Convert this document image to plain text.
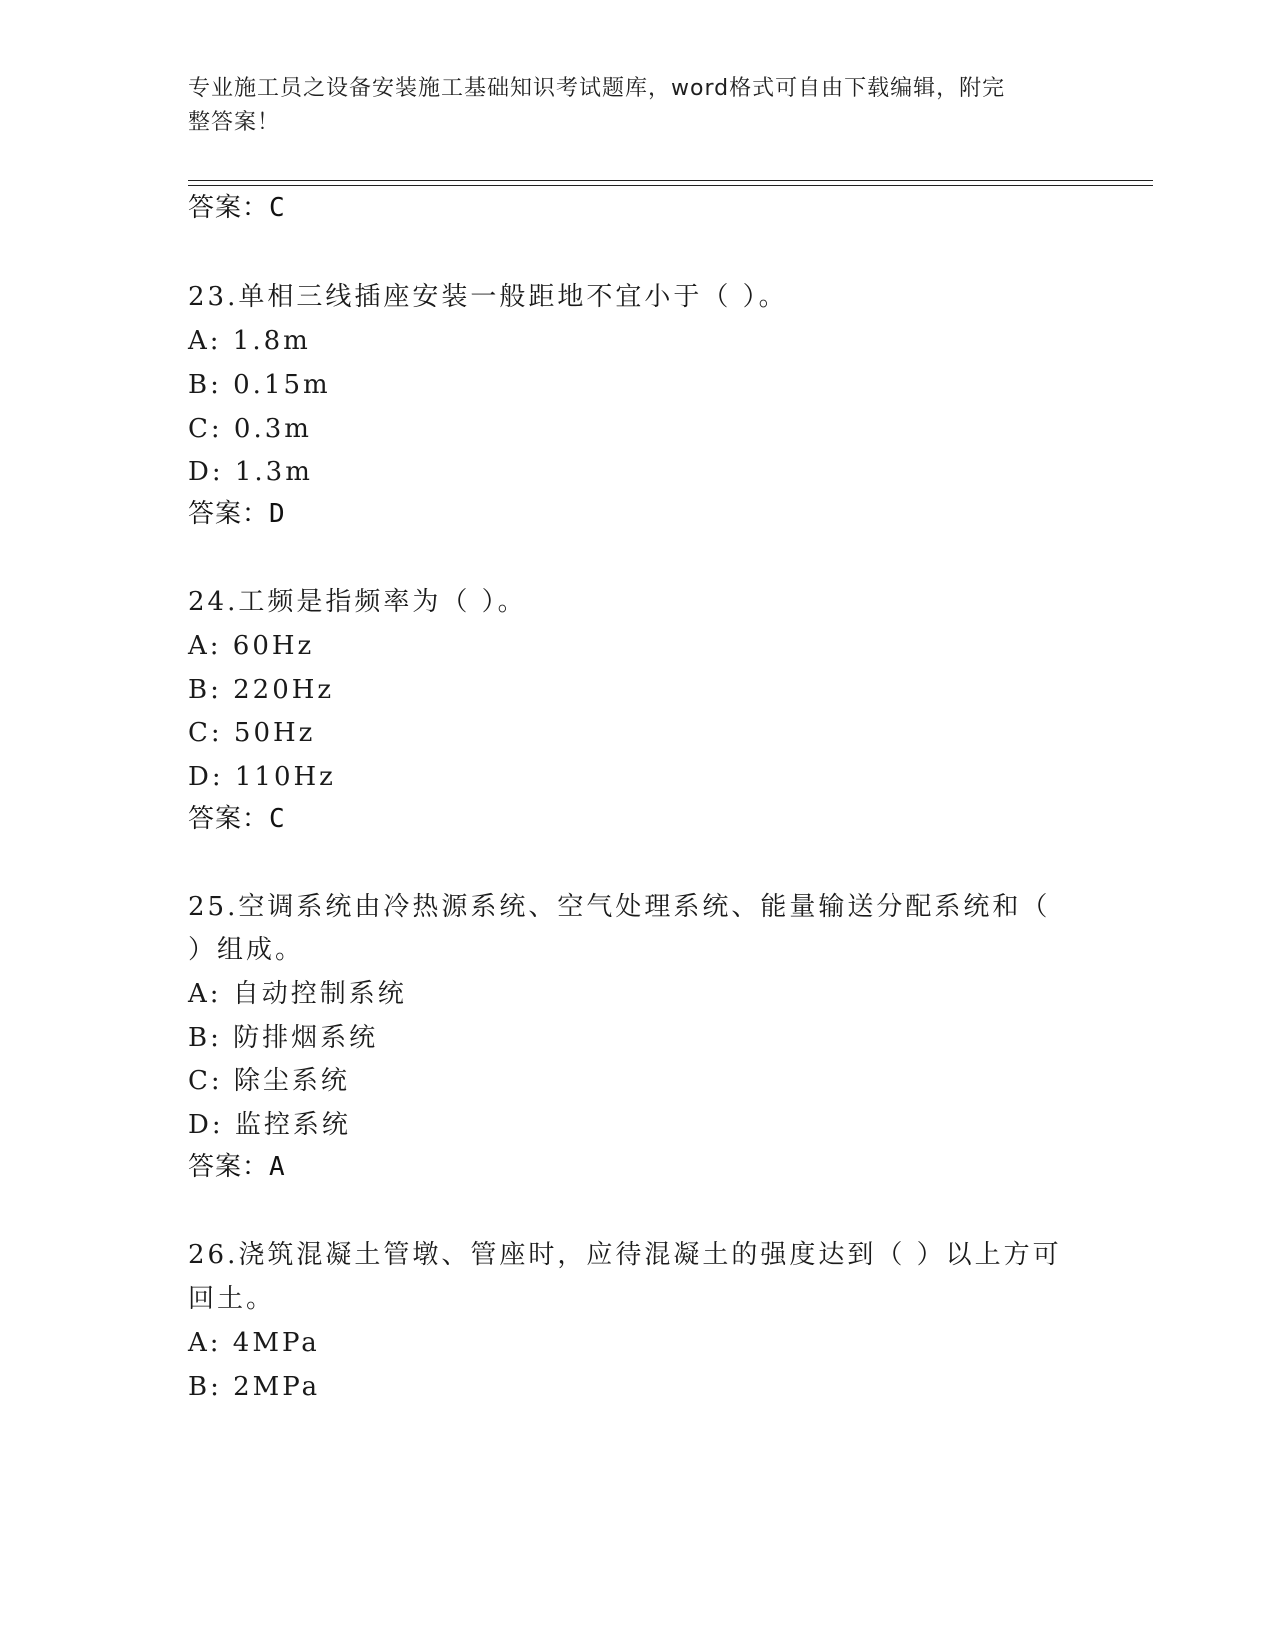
专业施工员之设备安装施工基础知识考试题库，word格式可自由下载编辑，附完
整答案！
答案：C
23.单相三线插座安装一般距地不宜小于（ ）。
A: 1.8m
B: 0.15m
C: 0.3m
D: 1.3m
答案：D
24.工频是指频率为（ ）。
A: 60Hz
B: 220Hz
C: 50Hz
D: 110Hz
答案：C
25.空调系统由冷热源系统、空气处理系统、能量输送分配系统和（
）组成。
A: 自动控制系统
B: 防排烟系统
C: 除尘系统
D: 监控系统
答案：A
26.浇筑混凝土管墩、管座时，应待混凝土的强度达到（ ）以上方可
回土。
A: 4MPa
B: 2MPa
